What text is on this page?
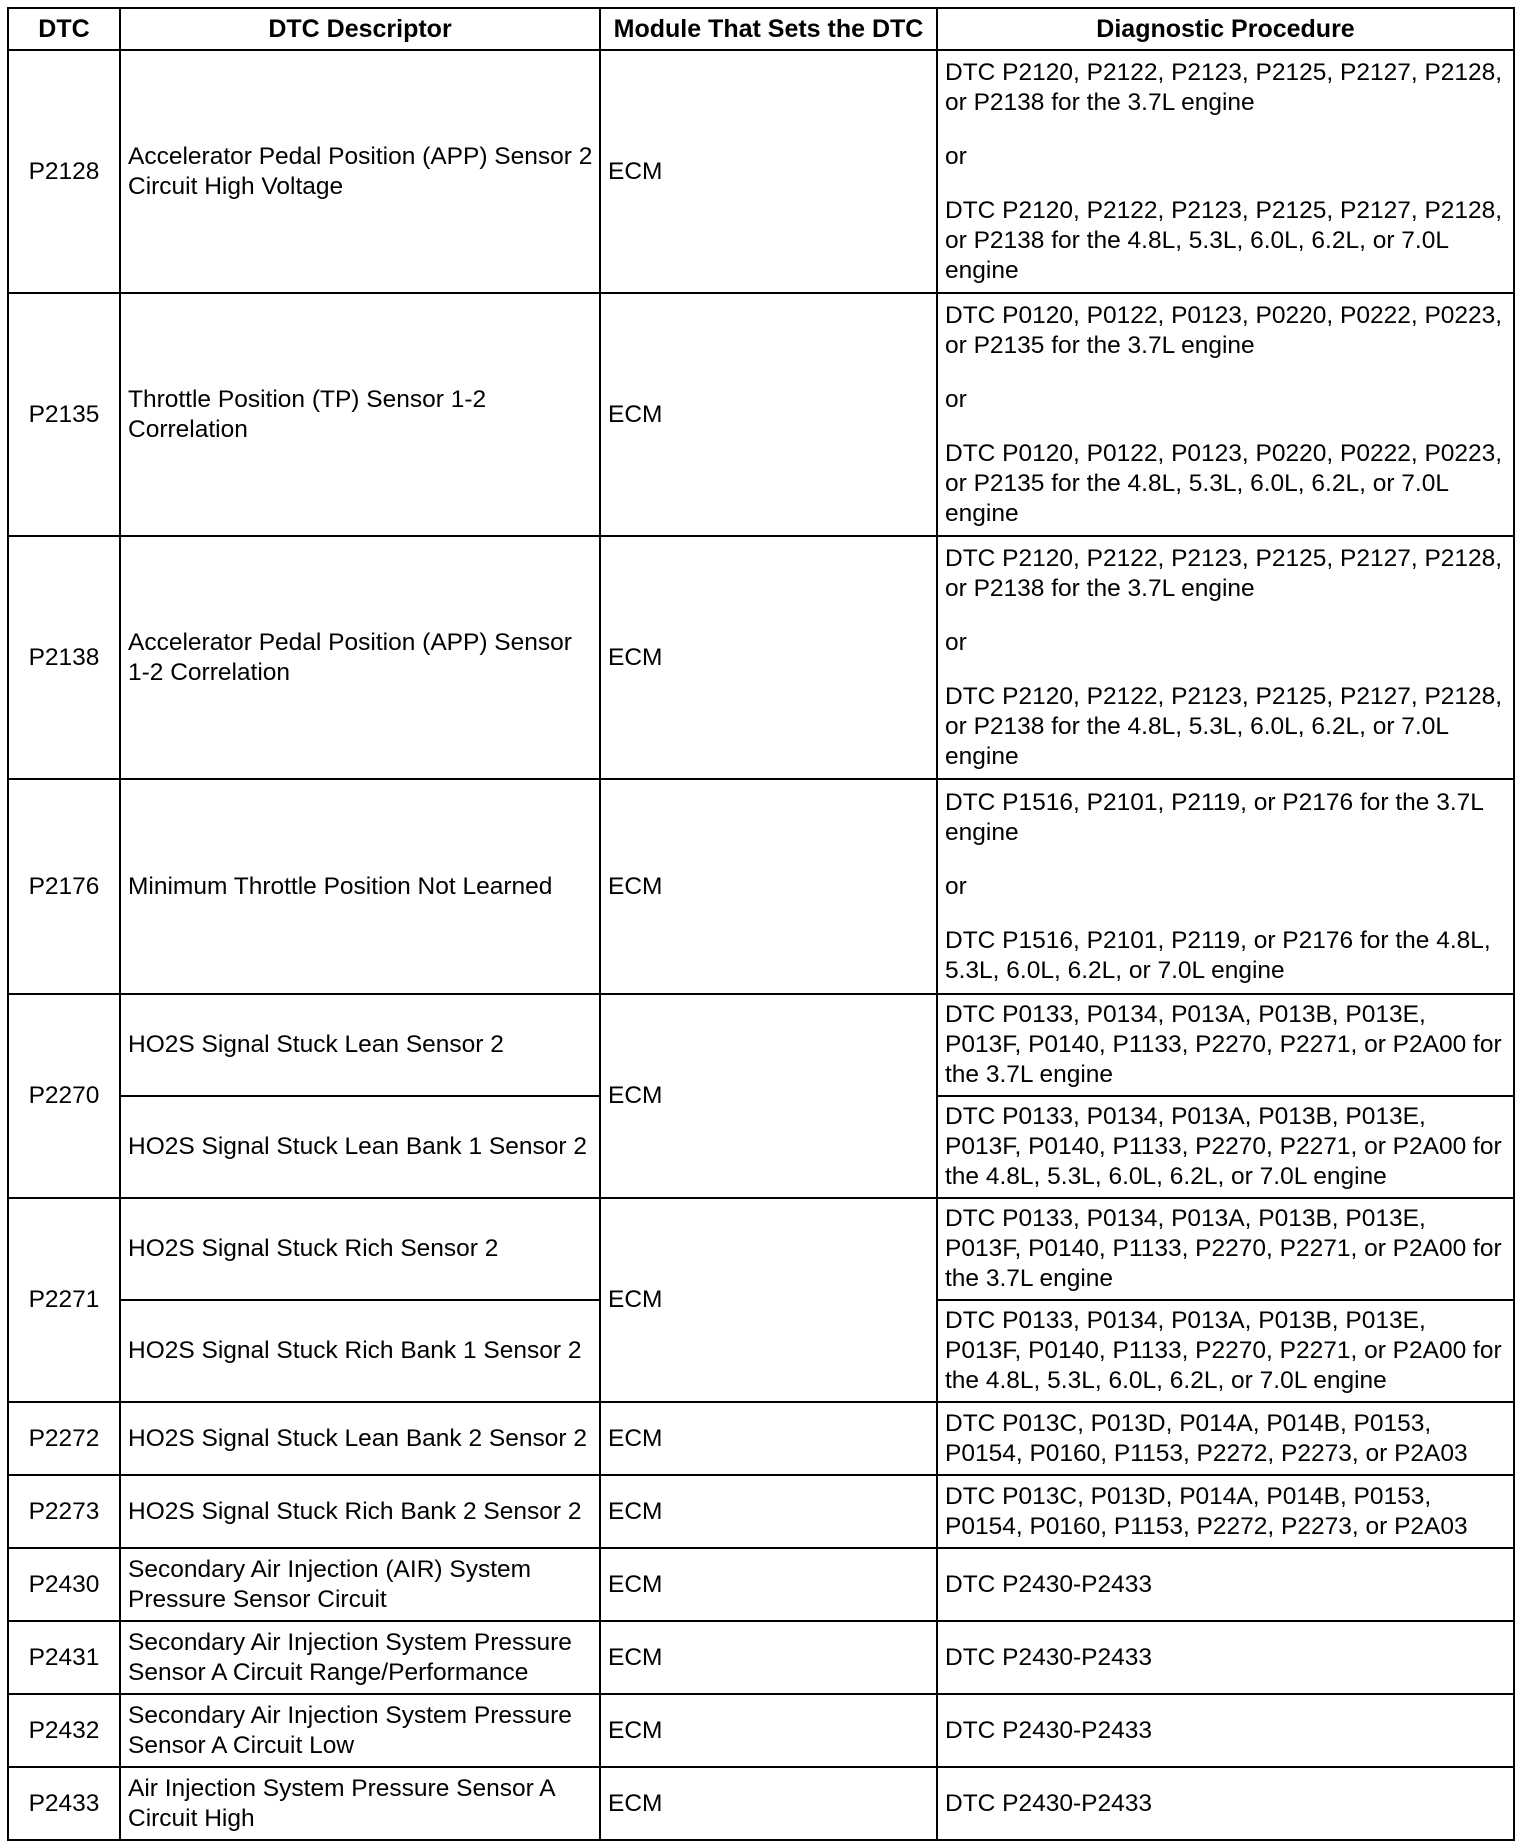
DTC	DTC Descriptor	Module That Sets the DTC	Diagnostic Procedure
P2128	Accelerator Pedal Position (APP) Sensor 2 Circuit High Voltage	ECM	DTC P2120, P2122, P2123, P2125, P2127, P2128, or P2138 for the 3.7L engine
or
DTC P2120, P2122, P2123, P2125, P2127, P2128, or P2138 for the 4.8L, 5.3L, 6.0L, 6.2L, or 7.0L engine

P2135	Throttle Position (TP) Sensor 1-2 Correlation	ECM	DTC P0120, P0122, P0123, P0220, P0222, P0223, or P2135 for the 3.7L engine
or
DTC P0120, P0122, P0123, P0220, P0222, P0223, or P2135 for the 4.8L, 5.3L, 6.0L, 6.2L, or 7.0L engine

P2138	Accelerator Pedal Position (APP) Sensor 1-2 Correlation	ECM	DTC P2120, P2122, P2123, P2125, P2127, P2128, or P2138 for the 3.7L engine
or
DTC P2120, P2122, P2123, P2125, P2127, P2128, or P2138 for the 4.8L, 5.3L, 6.0L, 6.2L, or 7.0L engine

P2176	Minimum Throttle Position Not Learned	ECM	DTC P1516, P2101, P2119, or P2176 for the 3.7L engine
or
DTC P1516, P2101, P2119, or P2176 for the 4.8L, 5.3L, 6.0L, 6.2L, or 7.0L engine

P2270	HO2S Signal Stuck Lean Sensor 2	ECM	DTC P0133, P0134, P013A, P013B, P013E, P013F, P0140, P1133, P2270, P2271, or P2A00 for the 3.7L engine
	HO2S Signal Stuck Lean Bank 1 Sensor 2		DTC P0133, P0134, P013A, P013B, P013E, P013F, P0140, P1133, P2270, P2271, or P2A00 for the 4.8L, 5.3L, 6.0L, 6.2L, or 7.0L engine
P2271	HO2S Signal Stuck Rich Sensor 2	ECM	DTC P0133, P0134, P013A, P013B, P013E, P013F, P0140, P1133, P2270, P2271, or P2A00 for the 3.7L engine
	HO2S Signal Stuck Rich Bank 1 Sensor 2		DTC P0133, P0134, P013A, P013B, P013E, P013F, P0140, P1133, P2270, P2271, or P2A00 for the 4.8L, 5.3L, 6.0L, 6.2L, or 7.0L engine
P2272	HO2S Signal Stuck Lean Bank 2 Sensor 2	ECM	DTC P013C, P013D, P014A, P014B, P0153, P0154, P0160, P1153, P2272, P2273, or P2A03
P2273	HO2S Signal Stuck Rich Bank 2 Sensor 2	ECM	DTC P013C, P013D, P014A, P014B, P0153, P0154, P0160, P1153, P2272, P2273, or P2A03
P2430	Secondary Air Injection (AIR) System Pressure Sensor Circuit	ECM	DTC P2430-P2433
P2431	Secondary Air Injection System Pressure Sensor A Circuit Range/Performance	ECM	DTC P2430-P2433
P2432	Secondary Air Injection System Pressure Sensor A Circuit Low	ECM	DTC P2430-P2433
P2433	Air Injection System Pressure Sensor A Circuit High	ECM	DTC P2430-P2433
